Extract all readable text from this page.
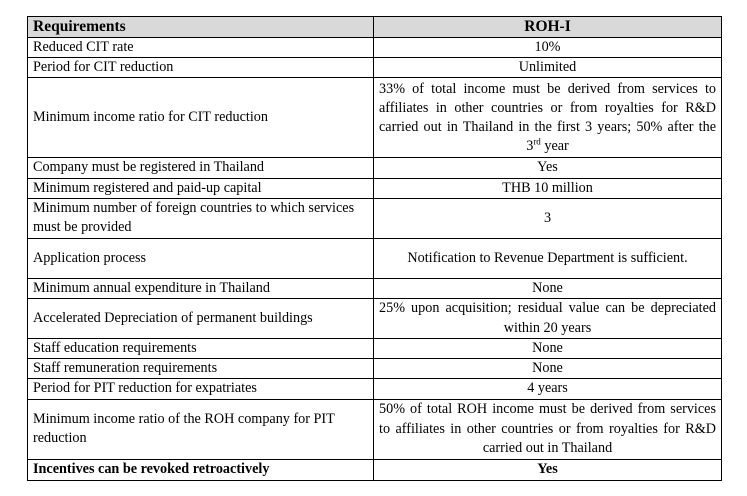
Requirements	ROH-I
Reduced CIT rate	10%
Period for CIT reduction	Unlimited
Minimum income ratio for CIT reduction	33% of total income must be derived from services to affiliates in other countries or from royalties for R&D carried out in Thailand in the first 3 years; 50% after the 3rd year
Company must be registered in Thailand	Yes
Minimum registered and paid-up capital	THB 10 million
Minimum number of foreign countries to which services must be provided	3
Application process	Notification to Revenue Department is sufficient.
Minimum annual expenditure in Thailand	None
Accelerated Depreciation of permanent buildings	25% upon acquisition; residual value can be depreciated within 20 years
Staff education requirements	None
Staff remuneration requirements	None
Period for PIT reduction for expatriates	4 years
Minimum income ratio of the ROH company for PIT reduction	50% of total ROH income must be derived from services to affiliates in other countries or from royalties for R&D carried out in Thailand
Incentives can be revoked retroactively	Yes
